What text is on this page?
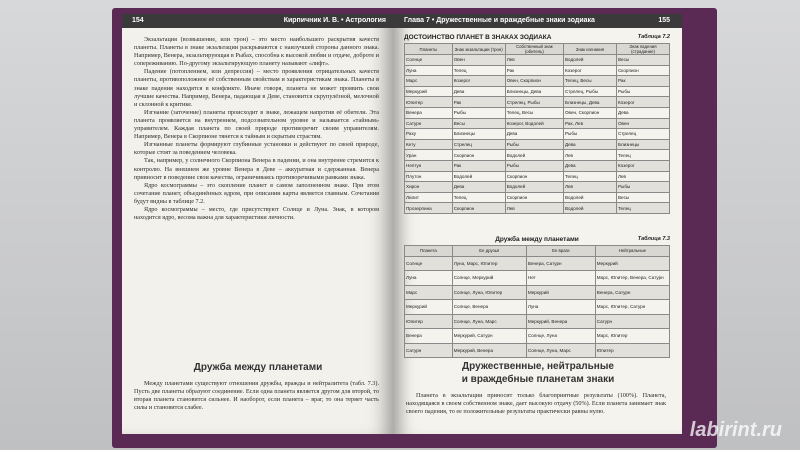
154	Кирпичник И. В. • Астрология

Экзальтация (возвышение, или трон) – это место наибольшего раскрытия качеств планеты. Планеты в знаке экзальтации раскрываются с наилучшей стороны данного знака. Например, Венера, экзальтирующая в Рыбах, способна к высокой любви и отдаче, доброте и сопереживанию. По-другому экзальтирующую планету называют «лифт».

Падение (потоплением, или депрессия) – место проявления отрицательных качеств планеты, противоположное её собственным свойствам и характеристикам знака. Планеты в знаке падения находятся в конфликте. Иначе говоря, планета не может проявить свои лучшие качества. Например, Венера, падающая в Деве, становится скрупулёзной, мелочной и склонной к критике.

Изгнание (заточение) планеты происходит в знаке, лежащем напротив её обители. Эта планета проявляется на внутреннем, подсознательном уровне и называется «тайным» управителем. Каждая планета по своей природе противоречит своим управителям. Например, Венера в Скорпионе тянется к тайным и скрытым страстям.

Изгнанные планеты формируют глубинные установки и действуют по своей природе, которые стоят за поведением человека.

Так, например, у солнечного Скорпиона Венера в падении, и она внутренне стремится к контролю. На внешнем же уровне Венера в Деве – аккуратная и сдержанная. Венера привносит в поведение свои качества, ограничиваясь противоречивыми рамками знака.

Ядро космограммы – это скопление планет в самом заполненном знаке. При этом сочетание планет, объединённых ядром, при описании карты является главным. Сочетания будут видны в таблице 7.2.

Ядро космограммы – место, где присутствуют Солнце и Луна. Знак, в котором находится ядро, весома важна для характеристики личности.

Дружба между планетами

Между планетами существуют отношения дружбы, вражды и нейтралитета (табл. 7.3). Пусть две планеты образуют соединение. Если одна планета является другом для второй, то вторая планета становится сильнее. И наоборот, если планета – враг, то она теряет часть силы и становится слабее.

Глава 7 • Дружественные и враждебные знаки зодиака	155
ДОСТОИНСТВО ПЛАНЕТ В ЗНАКАХ ЗОДИАКА	Таблица 7.2
Планеты	Знак экзальтации (трон)	Собственный знак (обитель)	Знак изгнания	Знак падения (страдание)
Солнце	Овен	Лев	Водолей	Весы
Луна	Телец	Рак	Козерог	Скорпион
Марс	Козерог	Овен, Скорпион	Телец, Весы	Рак
Меркурий	Дева	Близнецы, Дева	Стрелец, Рыбы	Рыбы
Юпитер	Рак	Стрелец, Рыбы	Близнецы, Дева	Козерог
Венера	Рыбы	Телец, Весы	Овен, Скорпион	Дева
Сатурн	Весы	Козерог, Водолей	Рак, Лев	Овен
Раху	Близнецы	Дева	Рыбы	Стрелец
Кету	Стрелец	Рыбы	Дева	Близнецы
Уран	Скорпион	Водолей	Лев	Телец
Нептун	Рак	Рыбы	Дева	Козерог
Плутон	Водолей	Скорпион	Телец	Лев
Хирон	Дева	Водолей	Лев	Рыбы
Лилит	Телец	Скорпион	Водолей	Весы
Прозерпина	Скорпион	Лев	Водолей	Телец
Дружба между планетами	Таблица 7.3
Планета	Ее друзья	Ее враги	Нейтральные
Солнце	Луна, Марс, Юпитер	Венера, Сатурн	Меркурий
Луна	Солнце, Меркурий	Нет	Марс, Юпитер, Венера, Сатурн
Марс	Солнце, Луна, Юпитер	Меркурий	Венера, Сатурн
Меркурий	Солнце, Венера	Луна	Марс, Юпитер, Сатурн
Юпитер	Солнце, Луна, Марс	Меркурий, Венера	Сатурн
Венера	Меркурий, Сатурн	Солнце, Луна	Марс, Юпитер
Сатурн	Меркурий, Венера	Солнце, Луна, Марс	Юпитер
Дружественные, нейтральные
и враждебные планетам знаки

Планета в экзальтации приносит только благоприятные результаты (100%). Планета, находящаяся в своем собственном знаке, дает высокую отдачу (50%). Если планета занимает знак своего падения, то ее положительные результаты практически равны нулю.

labirint.ru
